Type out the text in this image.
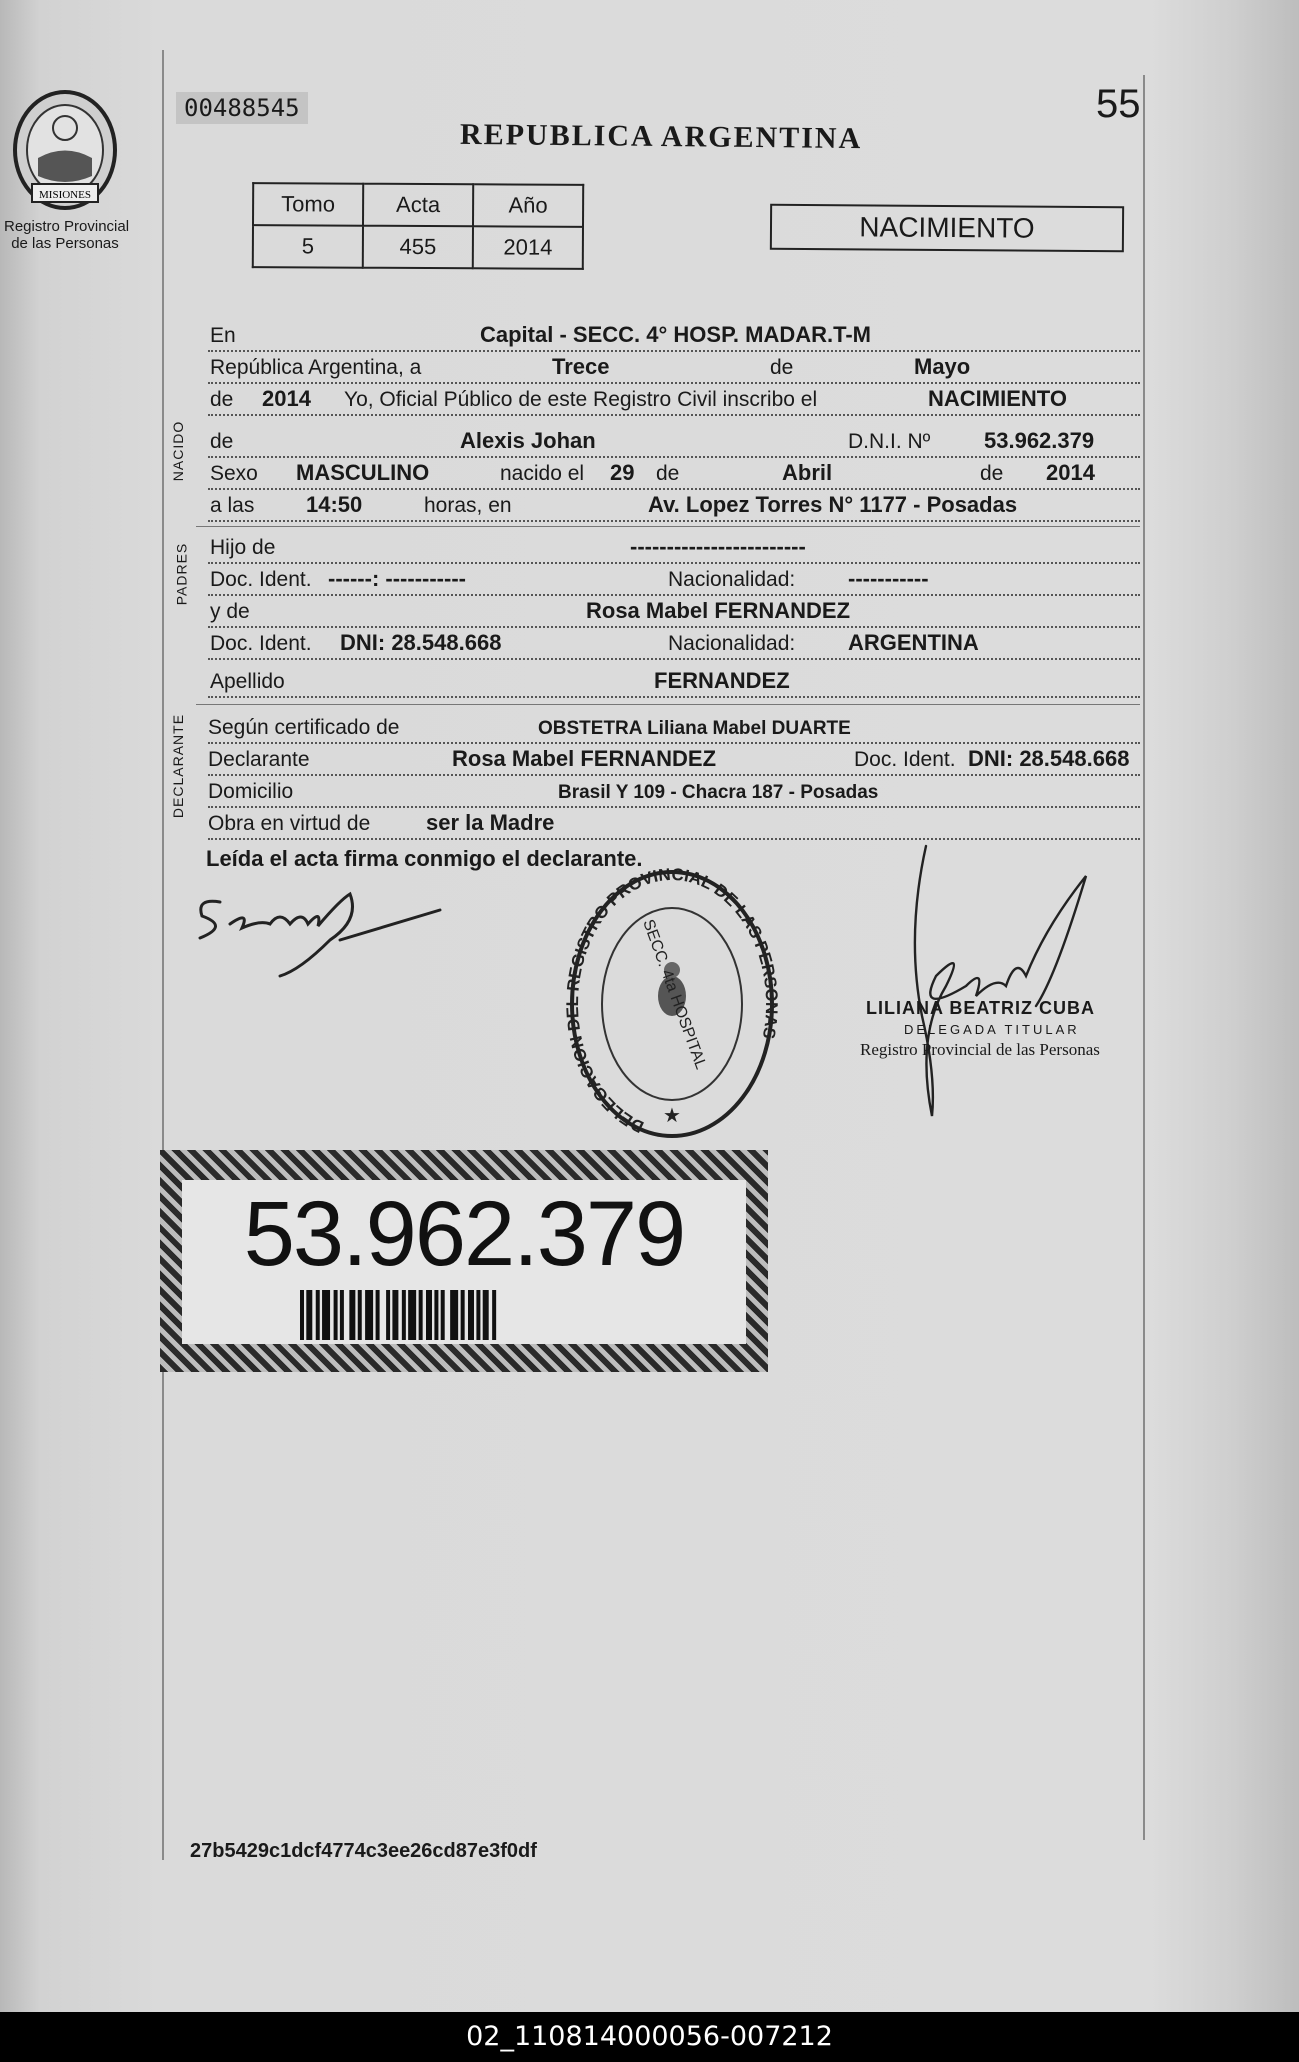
MISIONES
Registro Provincial
de las Personas
00488545	55
REPUBLICA ARGENTINA
Tomo	Acta	Año
5	455	2014
NACIMIENTO
En	Capital - SECC. 4° HOSP. MADAR.T-M
República Argentina, a	Trece	de	Mayo
de 2014 Yo, Oficial Público de este Registro Civil inscribo el	NACIMIENTO
NACIDO de	Alexis Johan	D.N.I. Nº 53.962.379
Sexo MASCULINO	nacido el 29 de	Abril	de 2014
a las 14:50	horas, en	Av. Lopez Torres N° 1177 - Posadas
PADRES Hijo de	------------------------
Doc. Ident. ------: -----------	Nacionalidad: -----------
y de	Rosa Mabel FERNANDEZ
Doc. Ident. DNI: 28.548.668	Nacionalidad: ARGENTINA
Apellido	FERNANDEZ
DECLARANTE Según certificado de	OBSTETRA Liliana Mabel DUARTE
Declarante	Rosa Mabel FERNANDEZ	Doc. Ident. DNI: 28.548.668
Domicilio	Brasil Y 109 - Chacra 187 - Posadas
Obra en virtud de	ser la Madre
Leída el acta firma conmigo el declarante.
DELEGACION EGISTRO PROVINCIAL DE LAS PER S
SECC. 4ta HOSPITAL
★
LILIANA BEATRIZ CUBA
DELEGADA TITULAR
Registro Provincial de las Personas
53.962.379
27b5429c1dcf4774c3ee26cd87e3f0df
02_110814000056-007212
